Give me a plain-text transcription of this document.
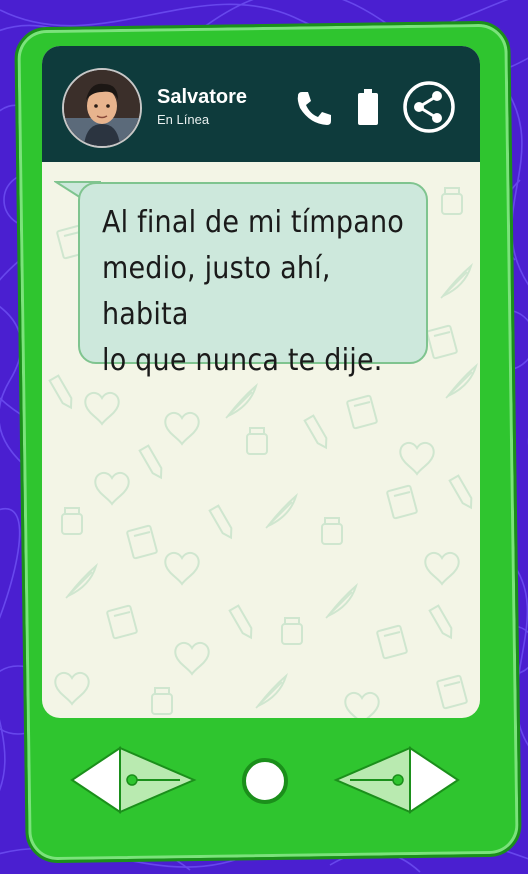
Salvatore
En Línea
Al final de mi tímpano
medio, justo ahí, habita
lo que nunca te dije.
